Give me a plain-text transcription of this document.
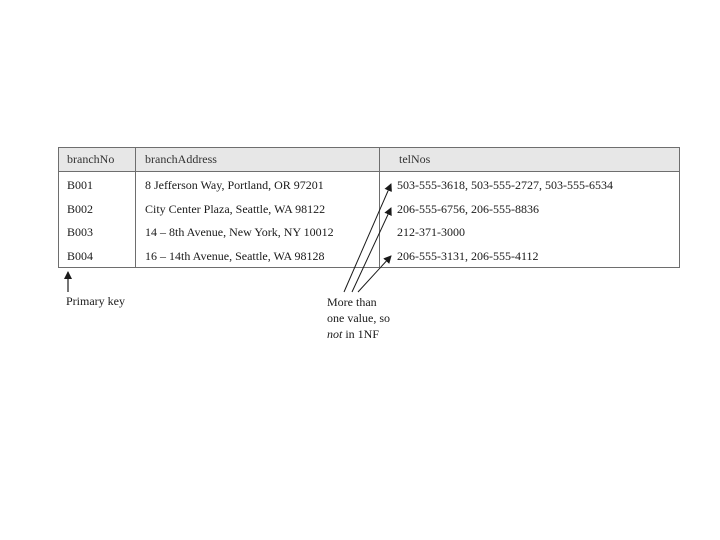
branchNo	branchAddress	telNos
B001	8 Jefferson Way, Portland, OR 97201	503-555-3618, 503-555-2727, 503-555-6534
B002	City Center Plaza, Seattle, WA 98122	206-555-6756, 206-555-8836
B003	14 – 8th Avenue, New York, NY 10012	212-371-3000
B004	16 – 14th Avenue, Seattle, WA 98128	206-555-3131, 206-555-4112
Primary key	More than
one value, so
not in 1NF
